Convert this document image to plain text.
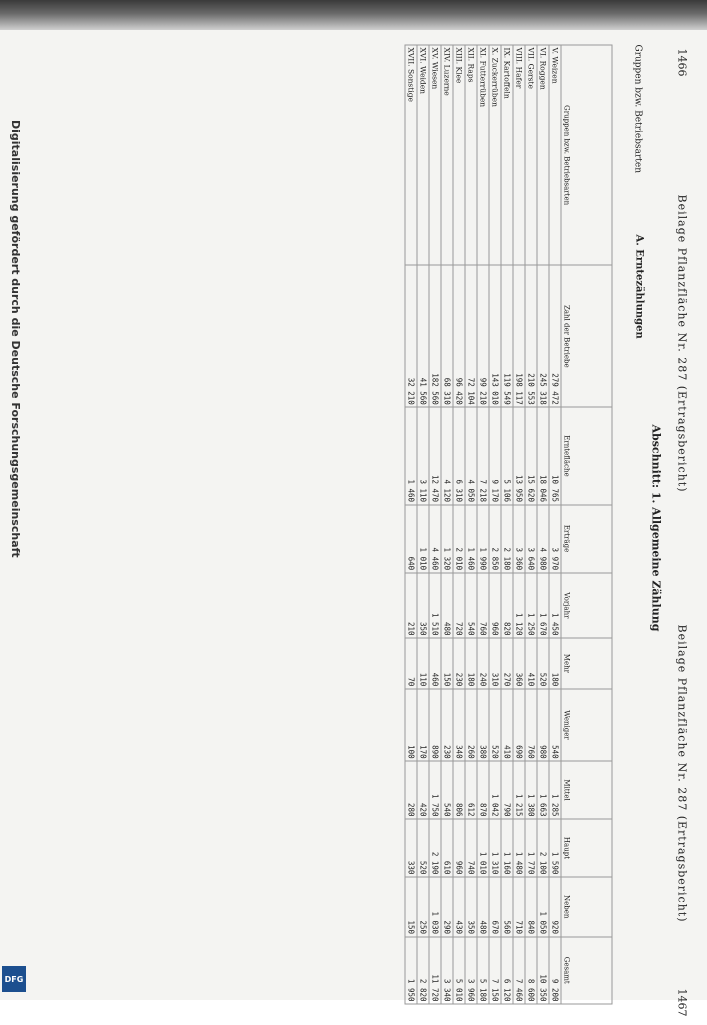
Digitalisierung gefördert durch die Deutsche Forschungsgemeinschaft
DFG
1466
1467
Beilage Pflanzfläche Nr. 287 (Ertragsbericht)
Beilage Pflanzfläche Nr. 287 (Ertragsbericht)
Abschnitt: 1. Allgemeine Zählung
Gruppen bzw. Betriebsarten
A. Erntezählungen
Gruppen bzw. Betriebsarten	Zahl der Betriebe	Erntefläche	Erträge	Vorjahr	Mehr	Weniger	Mittel	Haupt	Neben	Gesamt
V. Weizen	279 472	10 765	3 970	1 450	180	540	1 285	1 590	920	9 200
VI. Roggen	245 318	18 046	4 980	1 670	520	980	1 663	2 100	1 050	10 350
VII. Gerste	210 553	15 620	3 640	1 250	410	760	1 380	1 770	840	8 600
VIII. Hafer	198 117	13 950	3 360	1 120	360	690	1 215	1 480	710	7 460
IX. Kartoffeln	119 549	5 106	2 180	820	270	410	790	1 160	560	6 120
X. Zuckerrüben	143 010	9 170	2 850	960	310	520	1 042	1 310	670	7 150
XI. Futterrüben	99 210	7 218	1 990	760	240	380	870	1 010	480	5 180
XII. Raps	72 104	4 050	1 460	540	180	260	612	740	350	3 960
XIII. Klee	96 420	6 310	2 010	720	230	340	806	960	430	5 010
XIV. Luzerne	68 310	4 120	1 320	480	150	230	540	610	290	3 340
XV. Wiesen	182 560	12 470	4 460	1 510	460	890	1 750	2 190	1 030	11 720
XVI. Weiden	41 560	3 110	1 010	350	110	170	420	520	250	2 820
XVII. Sonstige	32 210	1 460	640	210	70	100	280	330	150	1 950
